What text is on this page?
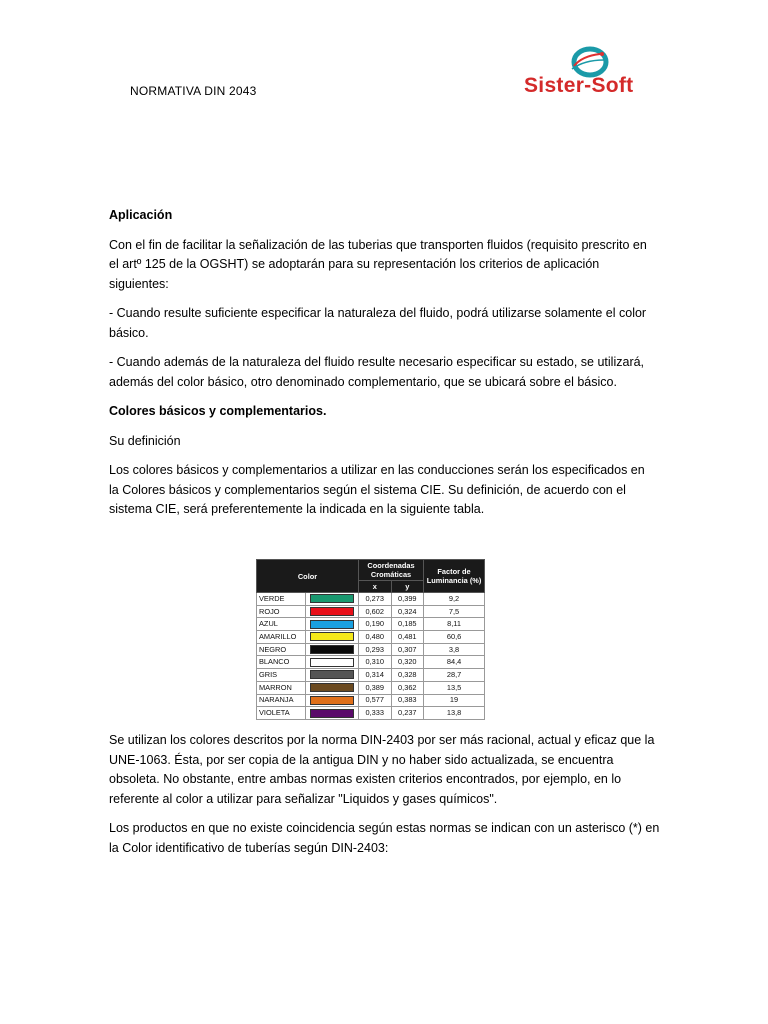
NORMATIVA DIN 2043	Sister-Soft

Aplicación

Con el fin de facilitar la señalización de las tuberias que transporten fluidos (requisito prescrito en el artº 125 de la OGSHT) se adoptarán para su representación los criterios de aplicación siguientes:

- Cuando resulte suficiente especificar la naturaleza del fluido, podrá utilizarse solamente el color básico.

- Cuando además de la naturaleza del fluido resulte necesario especificar su estado, se utilizará, además del color básico, otro denominado complementario, que se ubicará sobre el básico.

Colores básicos y complementarios.

Su definición

Los colores básicos y complementarios a utilizar en las conducciones serán los especificados en la Colores básicos y complementarios según el sistema CIE. Su definición, de acuerdo con el sistema CIE, será preferentemente la indicada en la siguiente tabla.

Color		Coordenadas Cromáticas		Factor de Luminancia (%)
		x	y	
VERDE		0,273	0,399	9,2
ROJO		0,602	0,324	7,5
AZUL		0,190	0,185	8,11
AMARILLO		0,480	0,481	60,6
NEGRO		0,293	0,307	3,8
BLANCO		0,310	0,320	84,4
GRIS		0,314	0,328	28,7
MARRON		0,389	0,362	13,5
NARANJA		0,577	0,383	19
VIOLETA		0,333	0,237	13,8

Se utilizan los colores descritos por la norma DIN-2403 por ser más racional, actual y eficaz que la UNE-1063. Ésta, por ser copia de la antigua DIN y no haber sido actualizada, se encuentra obsoleta. No obstante, entre ambas normas existen criterios encontrados, por ejemplo, en lo referente al color a utilizar para señalizar "Liquidos y gases químicos".

Los productos en que no existe coincidencia según estas normas se indican con un asterisco (*) en la Color identificativo de tuberías según DIN-2403:
